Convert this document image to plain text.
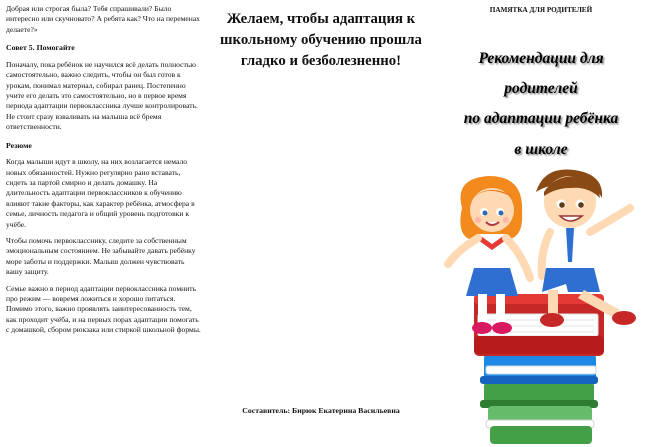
Добрая или строгая была? Тебя спрашивали? Было интересно или скучновато? А ребята как? Что на переменах делаете?»

Совет 5. Помогайте

Поначалу, пока ребёнок не научился всё делать полностью самостоятельно, важно следить, чтобы он был готов к урокам, понимал материал, собирал ранец. Постепенно учите его делать это самостоятельно, но в первое время периода адаптации первоклассника лучше контролировать. Не стоит сразу взваливать на малыша всё бремя ответственности.

Резюме

Когда малыши идут в школу, на них возлагается немало новых обязанностей. Нужно регулярно рано вставать, сидеть за партой смирно и делать домашку. На длительность адаптации первоклассников к обучению влияют такие факторы, как характер ребёнка, атмосфера в семье, личность педагога и общий уровень подготовки к учёбе.

Чтобы помочь первокласснику, следите за собственным эмоциональным состоянием. Не забывайте давать ребёнку море заботы и поддержки. Малыш должен чувствовать вашу защиту.

Семье важно в период адаптации первоклассника помнить про режим — вовремя ложиться и хорошо питаться. Помимо этого, важно проявлять заинтересованность тем, как проходит учёба, и на первых порах адаптации помогать с домашкой, сбором рюкзака или стиркой школьной формы.

Желаем, чтобы адаптация к школьному обучению прошла гладко и безболезненно!
Составитель: Бирюк Екатерина Васильевна
ПАМЯТКА ДЛЯ РОДИТЕЛЕЙ
Рекомендации для
родителей
по адаптации ребёнка
в школе
